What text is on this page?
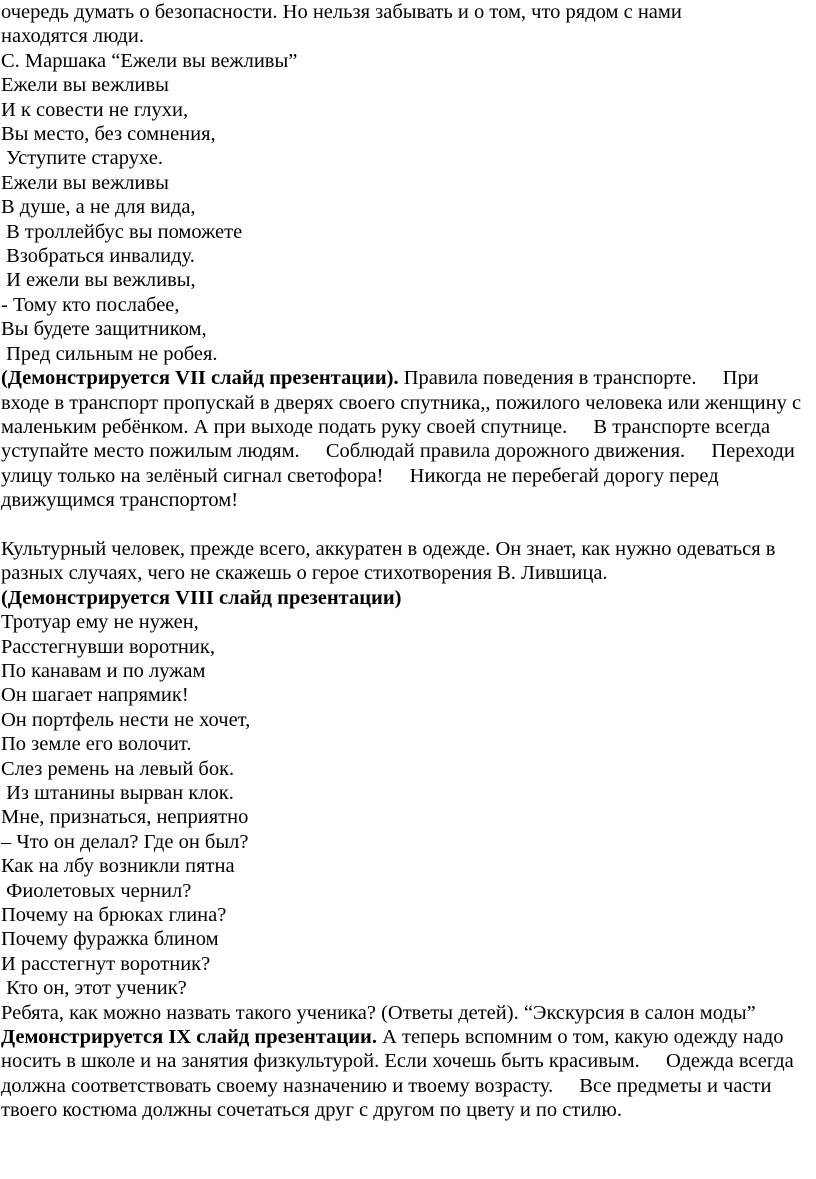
очередь думать о безопасности. Но нельзя забывать и о том, что рядом с нами
находятся люди.
С. Маршака “Ежели вы вежливы”
Ежели вы вежливы
И к совести не глухи,
Вы место, без сомнения,
Уступите старухе.
Ежели вы вежливы
В душе, а не для вида,
В троллейбус вы поможете
Взобраться инвалиду.
И ежели вы вежливы,
- Тому кто послабее,
Вы будете защитником,
Пред сильным не робея.

(Демонстрируется VII слайд презентации). Правила поведения в транспорте. При входе в транспорт пропускай в дверях своего спутника,, пожилого человека или женщину с маленьким ребёнком. А при выходе подать руку своей спутнице. В транспорте всегда уступайте место пожилым людям. Соблюдай правила дорожного движения. Переходи улицу только на зелёный сигнал светофора! Никогда не перебегай дорогу перед движущимся транспортом!

Культурный человек, прежде всего, аккуратен в одежде. Он знает, как нужно одеваться в разных случаях, чего не скажешь о герое стихотворения В. Лившица.

(Демонстрируется VIII слайд презентации)

Тротуар ему не нужен,
Расстегнувши воротник,
По канавам и по лужам
Он шагает напрямик!
Он портфель нести не хочет,
По земле его волочит.
Слез ремень на левый бок.
Из штанины вырван клок.
Мне, признаться, неприятно
– Что он делал? Где он был?
Как на лбу возникли пятна
Фиолетовых чернил?
Почему на брюках глина?
Почему фуражка блином
И расстегнут воротник?
Кто он, этот ученик?

Ребята, как можно назвать такого ученика? (Ответы детей). “Экскурсия в салон моды”

Демонстрируется IX слайд презентации. А теперь вспомним о том, какую одежду надо носить в школе и на занятия физкультурой. Если хочешь быть красивым. Одежда всегда должна соответствовать своему назначению и твоему возрасту. Все предметы и части твоего костюма должны сочетаться друг с другом по цвету и по стилю.
